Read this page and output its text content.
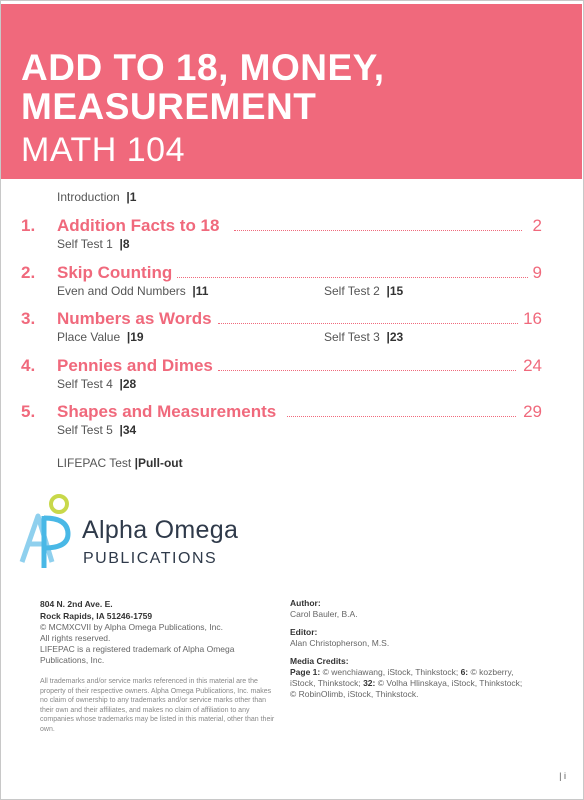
ADD TO 18, MONEY,
MEASUREMENT
MATH 104
Introduction  |1
1. Addition Facts to 18	2
Self Test 1  |8
2. Skip Counting	9
Even and Odd Numbers  |11	Self Test 2  |15
3. Numbers as Words	16
Place Value  |19	Self Test 3  |23
4. Pennies and Dimes	24
Self Test 4  |28
5. Shapes and Measurements	29
Self Test 5  |34
LIFEPAC Test |Pull-out
Alpha Omega
PUBLICATIONS
804 N. 2nd Ave. E.
Rock Rapids, IA 51246-1759
© MCMXCVII by Alpha Omega Publications, Inc.
All rights reserved.
LIFEPAC is a registered trademark of Alpha Omega Publications, Inc.
All trademarks and/or service marks referenced in this material are the property of their respective owners. Alpha Omega Publications, Inc. makes no claim of ownership to any trademarks and/or service marks other than their own and their affiliates, and makes no claim of affiliation to any companies whose trademarks may be listed in this material, other than their own.
Author:
Carol Bauler, B.A.
Editor:
Alan Christopherson, M.S.
Media Credits:
Page 1: © wenchiawang, iStock, Thinkstock; 6: © kozberry, iStock, Thinkstock; 32: © Volha Hlinskaya, iStock, Thinkstock; © RobinOlimb, iStock, Thinkstock.
| i
